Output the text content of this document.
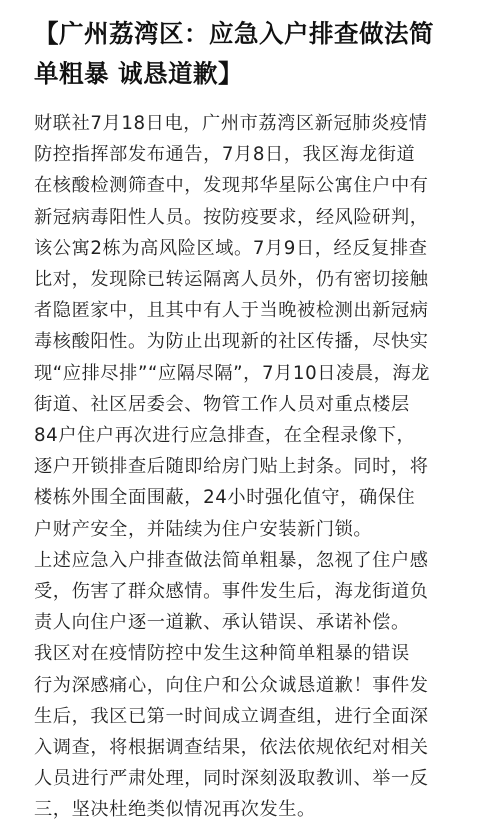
【广州荔湾区：应急入户排查做法简
单粗暴 诚恳道歉】
财联社7月18日电，广州市荔湾区新冠肺炎疫情
防控指挥部发布通告，7月8日，我区海龙街道
在核酸检测筛查中，发现邦华星际公寓住户中有
新冠病毒阳性人员。按防疫要求，经风险研判，
该公寓2栋为高风险区域。7月9日，经反复排查
比对，发现除已转运隔离人员外，仍有密切接触
者隐匿家中，且其中有人于当晚被检测出新冠病
毒核酸阳性。为防止出现新的社区传播，尽快实
现“应排尽排”“应隔尽隔”，7月10日凌晨，海龙
街道、社区居委会、物管工作人员对重点楼层
84户住户再次进行应急排查，在全程录像下，
逐户开锁排查后随即给房门贴上封条。同时，将
楼栋外围全面围蔽，24小时强化值守，确保住
户财产安全，并陆续为住户安装新门锁。
上述应急入户排查做法简单粗暴，忽视了住户感
受，伤害了群众感情。事件发生后，海龙街道负
责人向住户逐一道歉、承认错误、承诺补偿。
我区对在疫情防控中发生这种简单粗暴的错误
行为深感痛心，向住户和公众诚恳道歉！事件发
生后，我区已第一时间成立调查组，进行全面深
入调查，将根据调查结果，依法依规依纪对相关
人员进行严肃处理，同时深刻汲取教训、举一反
三，坚决杜绝类似情况再次发生。
